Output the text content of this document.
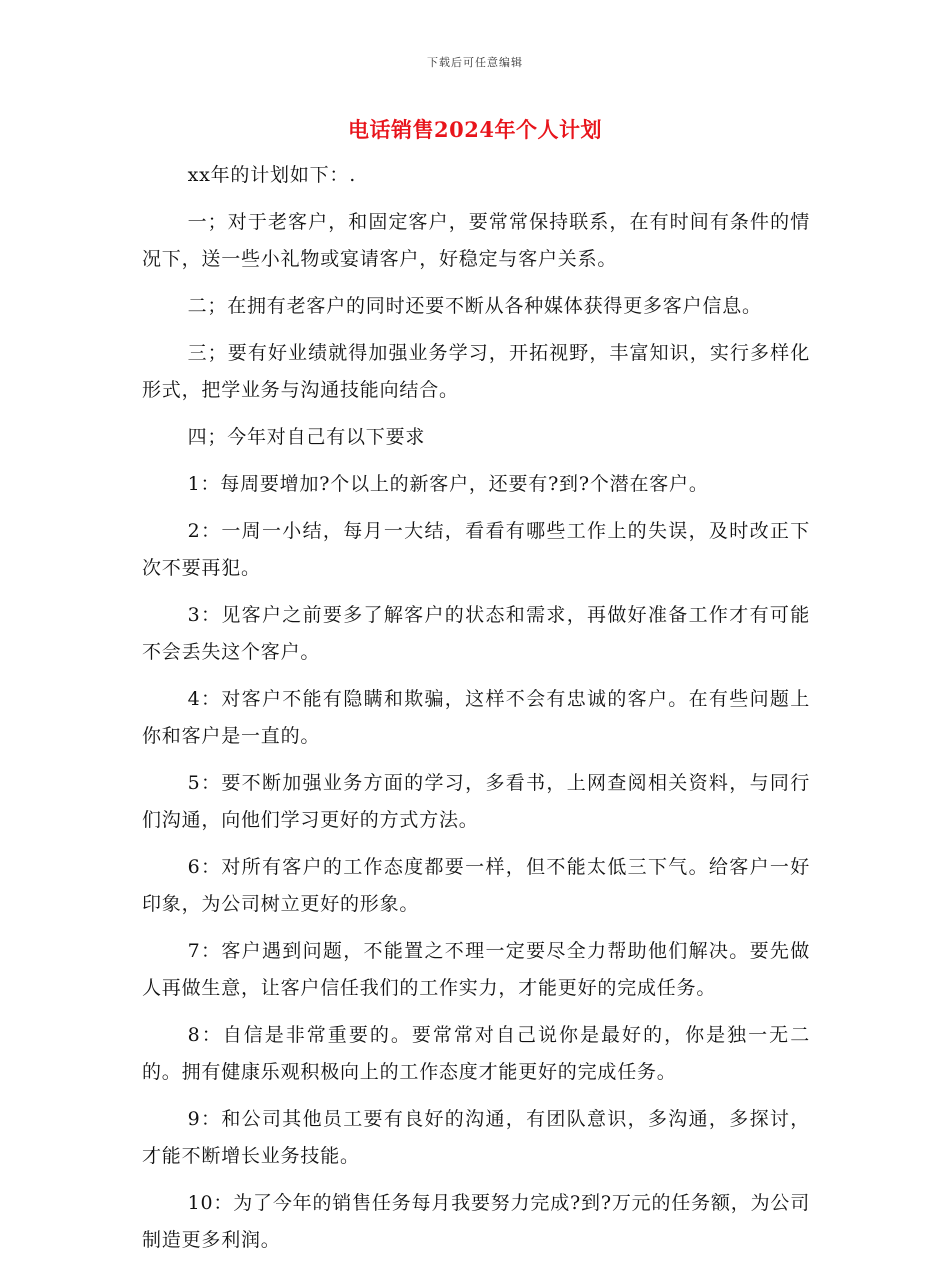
下载后可任意编辑
电话销售2024年个人计划

xx年的计划如下：.

一；对于老客户，和固定客户，要常常保持联系，在有时间有条件的情况下，送一些小礼物或宴请客户，好稳定与客户关系。

二；在拥有老客户的同时还要不断从各种媒体获得更多客户信息。

三；要有好业绩就得加强业务学习，开拓视野，丰富知识，实行多样化形式，把学业务与沟通技能向结合。

四；今年对自己有以下要求

1：每周要增加?个以上的新客户，还要有?到?个潜在客户。

2：一周一小结，每月一大结，看看有哪些工作上的失误，及时改正下次不要再犯。

3：见客户之前要多了解客户的状态和需求，再做好准备工作才有可能不会丢失这个客户。

4：对客户不能有隐瞒和欺骗，这样不会有忠诚的客户。在有些问题上你和客户是一直的。

5：要不断加强业务方面的学习，多看书，上网查阅相关资料，与同行们沟通，向他们学习更好的方式方法。

6：对所有客户的工作态度都要一样，但不能太低三下气。给客户一好印象，为公司树立更好的形象。

7：客户遇到问题，不能置之不理一定要尽全力帮助他们解决。要先做人再做生意，让客户信任我们的工作实力，才能更好的完成任务。

8：自信是非常重要的。要常常对自己说你是最好的，你是独一无二的。拥有健康乐观积极向上的工作态度才能更好的完成任务。

9：和公司其他员工要有良好的沟通，有团队意识，多沟通，多探讨，才能不断增长业务技能。

10：为了今年的销售任务每月我要努力完成?到?万元的任务额，为公司制造更多利润。
